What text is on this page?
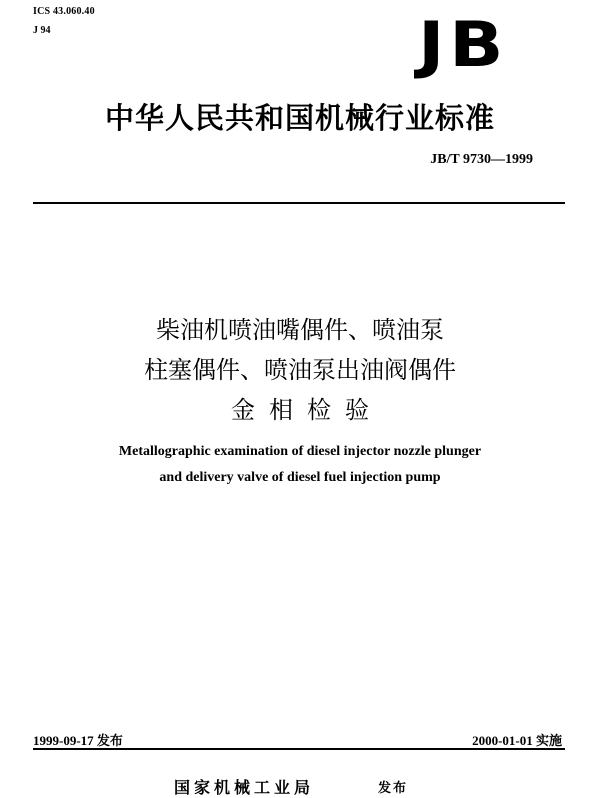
ICS 43.060.40
J 94	JB
中华人民共和国机械行业标准
JB/T 9730—1999
柴油机喷油嘴偶件、喷油泵
柱塞偶件、喷油泵出油阀偶件
金相检验
Metallographic examination of diesel injector nozzle plunger
and delivery valve of diesel fuel injection pump
1999-09-17 发布	2000-01-01 实施
国家机械工业局	发布
